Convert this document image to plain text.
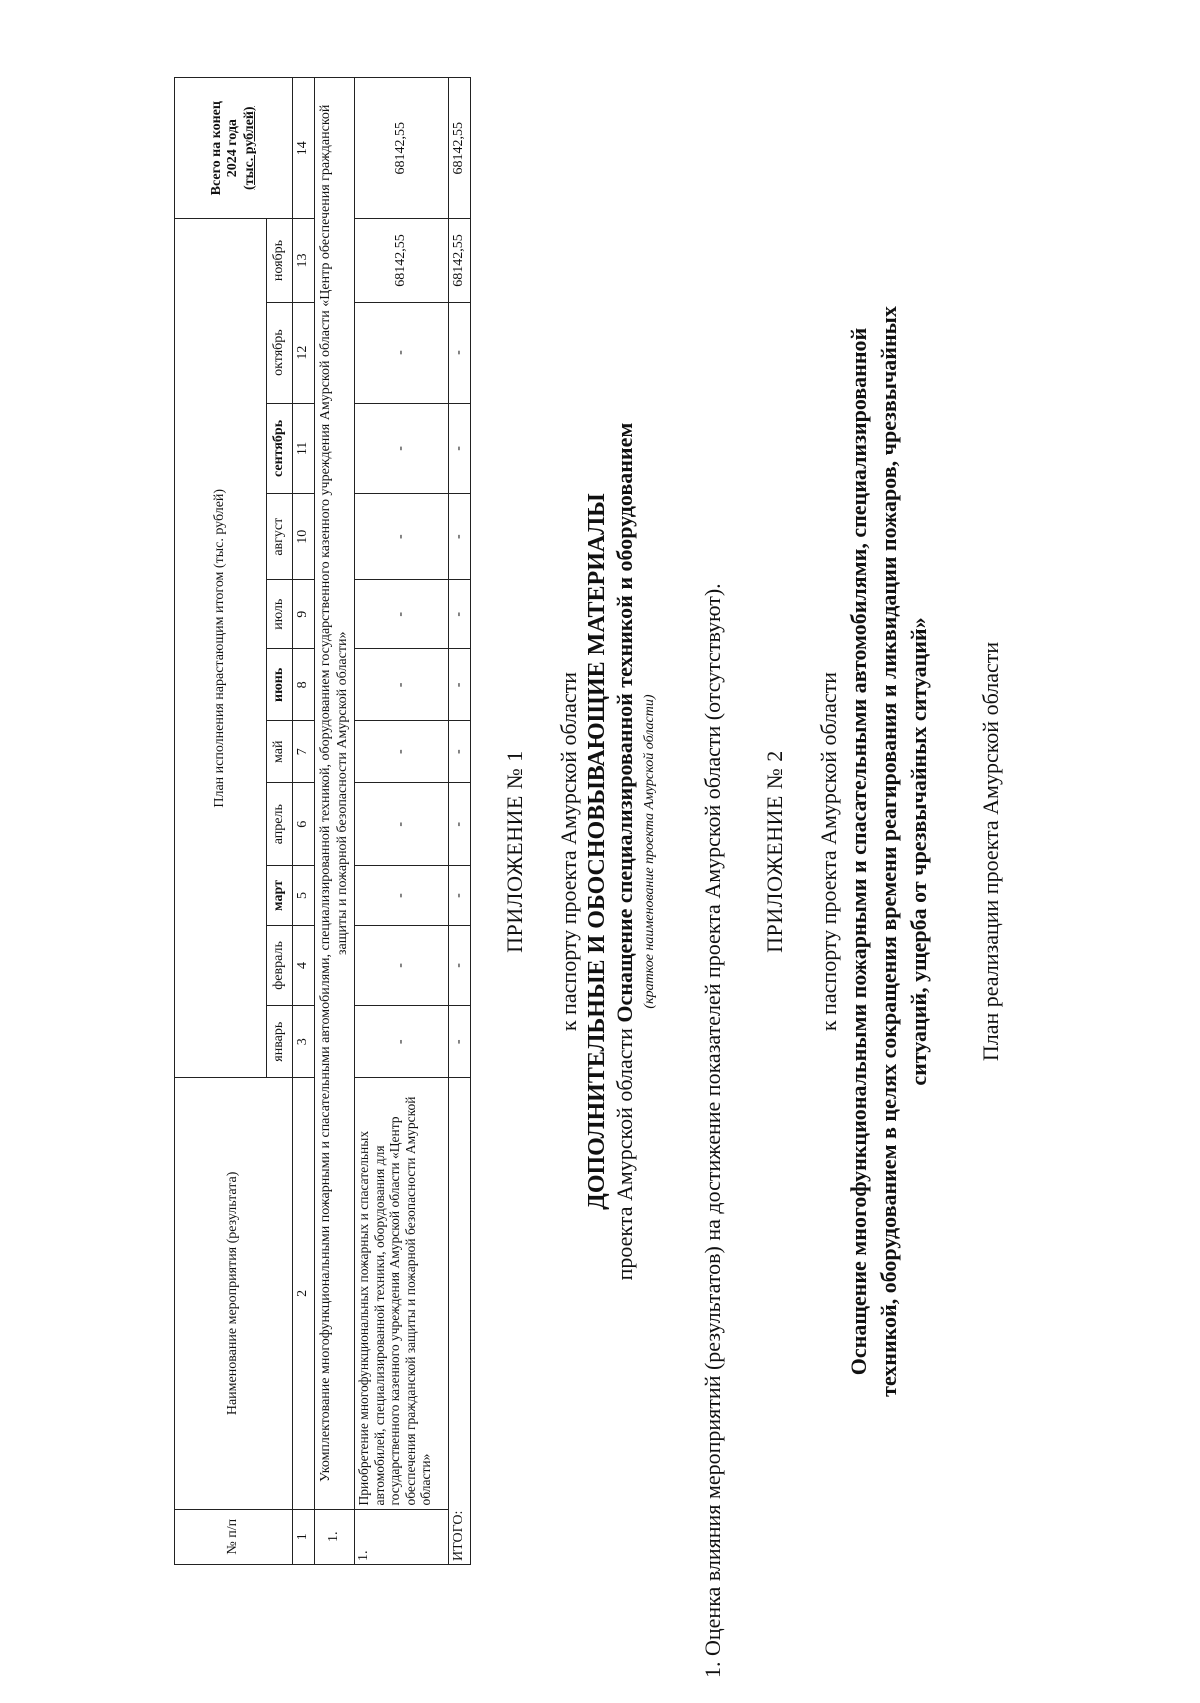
№ п/п	Наименование мероприятия (результата)	План исполнения нарастающим итогом (тыс. рублей)											Всего на конец 2024 года (тыс. рублей)

		январь	февраль	март	апрель	май	июнь	июль	август	сентябрь	октябрь	ноябрь	
1	2	3	4	5	6	7	8	9	10	11	12	13	14
1.	Укомплектование многофункциональными пожарными и спасательными автомобилями, специализированной техникой, оборудованием государственного казенного учреждения Амурской области «Центр обеспечения гражданской защиты и пожарной безопасности Амурской области»												
1.	Приобретение многофункциональных пожарных и спасательных автомобилей, специализированной техники, оборудования для государственного казенного учреждения Амурской области «Центр обеспечения гражданской защиты и пожарной безопасности Амурской области»	-	-	-	-	-	-	-	-	-	-	68142,55	68142,55
ИТОГО:		-	-	-	-	-	-	-	-	-	-	68142,55	68142,55
ПРИЛОЖЕНИЕ № 1 к паспорту проекта Амурской области ДОПОЛНИТЕЛЬНЫЕ И ОБОСНОВЫВАЮЩИЕ МАТЕРИАЛЫ проекта Амурской области Оснащение специализированной техникой и оборудованием (краткое наименование проекта Амурской области) 1. Оценка влияния мероприятий (результатов) на достижение показателей проекта Амурской области (отсутствуют). ПРИЛОЖЕНИЕ № 2 к паспорту проекта Амурской области Оснащение многофункциональными пожарными и спасательными автомобилями, специализированной техникой, оборудованием в целях сокращения времени реагирования и ликвидации пожаров, чрезвычайных ситуаций, ущерба от чрезвычайных ситуаций» План реализации проекта Амурской области
